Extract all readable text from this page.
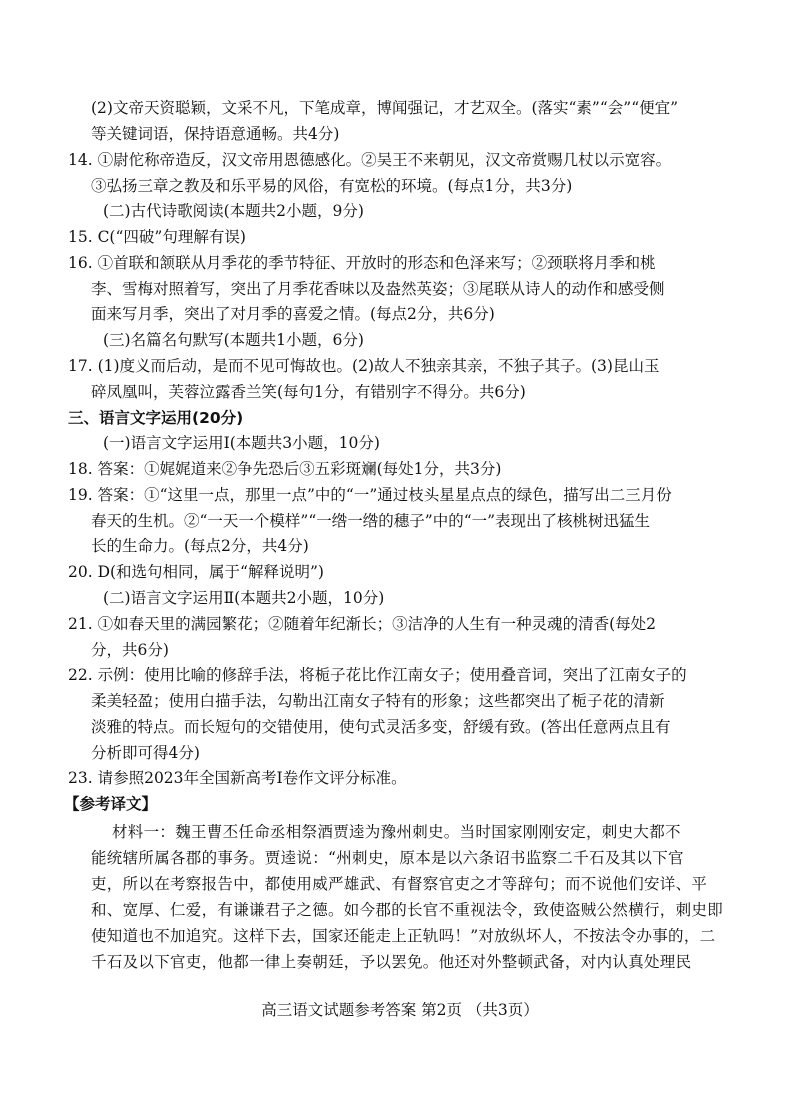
(2)文帝天资聪颖，文采不凡，下笔成章，博闻强记，才艺双全。(落实“素”“会”“便宜”
等关键词语，保持语意通畅。共4分)
14. ①尉佗称帝造反，汉文帝用恩德感化。②吴王不来朝见，汉文帝赏赐几杖以示宽容。
③弘扬三章之教及和乐平易的风俗，有宽松的环境。(每点1分，共3分)
(二)古代诗歌阅读(本题共2小题，9分)
15. C(“四破”句理解有误)
16. ①首联和颔联从月季花的季节特征、开放时的形态和色泽来写；②颈联将月季和桃
李、雪梅对照着写，突出了月季花香味以及盎然英姿；③尾联从诗人的动作和感受侧
面来写月季，突出了对月季的喜爱之情。(每点2分，共6分)
(三)名篇名句默写(本题共1小题，6分)
17. (1)度义而后动，是而不见可悔故也。(2)故人不独亲其亲，不独子其子。(3)昆山玉
碎凤凰叫，芙蓉泣露香兰笑(每句1分，有错别字不得分。共6分)
三、语言文字运用(20分)
(一)语言文字运用Ⅰ(本题共3小题，10分)
18. 答案：①娓娓道来②争先恐后③五彩斑斓(每处1分，共3分)
19. 答案：①“这里一点，那里一点”中的“一”通过枝头星星点点的绿色，描写出二三月份
春天的生机。②“一天一个模样”“一绺一绺的穗子”中的“一”表现出了核桃树迅猛生
长的生命力。(每点2分，共4分)
20. D(和选句相同，属于“解释说明”)
(二)语言文字运用Ⅱ(本题共2小题，10分)
21. ①如春天里的满园繁花；②随着年纪渐长；③洁净的人生有一种灵魂的清香(每处2
分，共6分)
22. 示例：使用比喻的修辞手法，将栀子花比作江南女子；使用叠音词，突出了江南女子的
柔美轻盈；使用白描手法，勾勒出江南女子特有的形象；这些都突出了栀子花的清新
淡雅的特点。而长短句的交错使用，使句式灵活多变，舒缓有致。(答出任意两点且有
分析即可得4分)
23. 请参照2023年全国新高考Ⅰ卷作文评分标准。
【参考译文】
材料一：魏王曹丕任命丞相祭酒贾逵为豫州刺史。当时国家刚刚安定，刺史大都不
能统辖所属各郡的事务。贾逵说：“州刺史，原本是以六条诏书监察二千石及其以下官
吏，所以在考察报告中，都使用威严雄武、有督察官吏之才等辞句；而不说他们安详、平
和、宽厚、仁爱，有谦谦君子之德。如今郡的长官不重视法令，致使盗贼公然横行，刺史即
使知道也不加追究。这样下去，国家还能走上正轨吗！”对放纵坏人，不按法令办事的，二
千石及以下官吏，他都一律上奏朝廷，予以罢免。他还对外整顿武备，对内认真处理民
高三语文试题参考答案 第2页 （共3页）
